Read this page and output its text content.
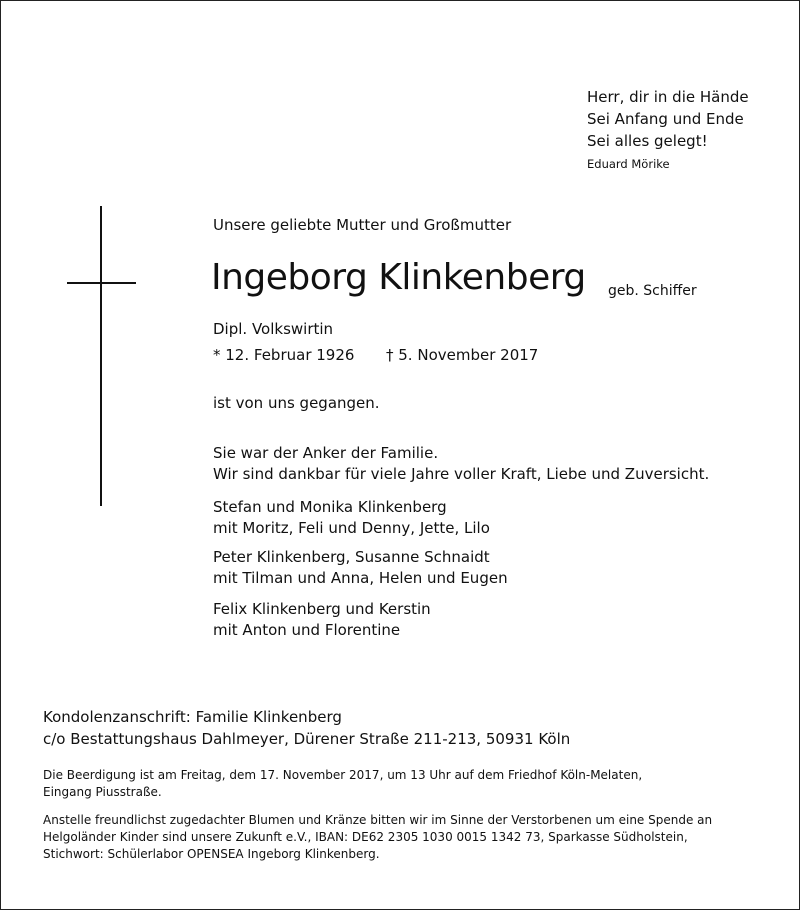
Herr, dir in die Hände
Sei Anfang und Ende
Sei alles gelegt!
Eduard Mörike
Unsere geliebte Mutter und Großmutter
Ingeborg Klinkenberg geb. Schiffer
Dipl. Volkswirtin
* 12. Februar 1926 † 5. November 2017
ist von uns gegangen.
Sie war der Anker der Familie.
Wir sind dankbar für viele Jahre voller Kraft, Liebe und Zuversicht.
Stefan und Monika Klinkenberg
mit Moritz, Feli und Denny, Jette, Lilo
Peter Klinkenberg, Susanne Schnaidt
mit Tilman und Anna, Helen und Eugen
Felix Klinkenberg und Kerstin
mit Anton und Florentine
Kondolenzanschrift: Familie Klinkenberg
c/o Bestattungshaus Dahlmeyer, Dürener Straße 211-213, 50931 Köln
Die Beerdigung ist am Freitag, dem 17. November 2017, um 13 Uhr auf dem Friedhof Köln-Melaten,
Eingang Piusstraße.
Anstelle freundlichst zugedachter Blumen und Kränze bitten wir im Sinne der Verstorbenen um eine Spende an
Helgoländer Kinder sind unsere Zukunft e.V., IBAN: DE62 2305 1030 0015 1342 73, Sparkasse Südholstein,
Stichwort: Schülerlabor OPENSEA Ingeborg Klinkenberg.
